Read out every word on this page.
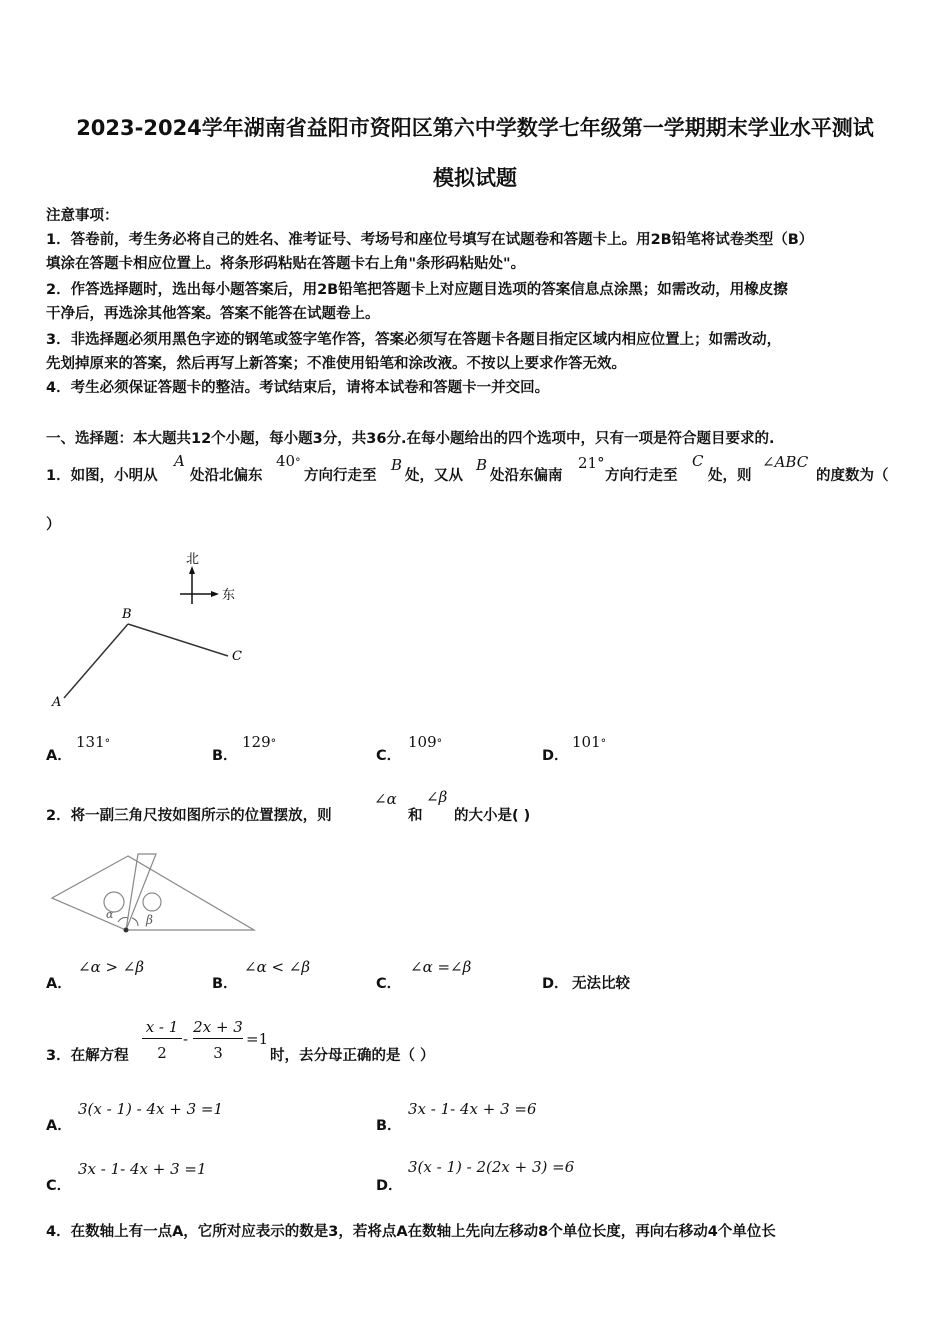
2023-2024学年湖南省益阳市资阳区第六中学数学七年级第一学期期末学业水平测试
模拟试题
注意事项：
1．答卷前，考生务必将自己的姓名、准考证号、考场号和座位号填写在试题卷和答题卡上。用2B铅笔将试卷类型（B）
填涂在答题卡相应位置上。将条形码粘贴在答题卡右上角"条形码粘贴处"。
2．作答选择题时，选出每小题答案后，用2B铅笔把答题卡上对应题目选项的答案信息点涂黑；如需改动，用橡皮擦
干净后，再选涂其他答案。答案不能答在试题卷上。
3．非选择题必须用黑色字迹的钢笔或签字笔作答，答案必须写在答题卡各题目指定区域内相应位置上；如需改动，
先划掉原来的答案，然后再写上新答案；不准使用铅笔和涂改液。不按以上要求作答无效。
4．考生必须保证答题卡的整洁。考试结束后，请将本试卷和答题卡一并交回。
一、选择题：本大题共12个小题，每小题3分，共36分.在每小题给出的四个选项中，只有一项是符合题目要求的.
1．如图，小明从
A
处沿北偏东
40°
方向行走至
B
处，又从
B
处沿东偏南
21°
方向行走至
C
处，则
∠ABC
的度数为（
）
北
东
A
B
C
A．
131°
B．
129°
C．
109°
D．
101°
2．将一副三角尺按如图所示的位置摆放，则
∠α
和
∠β
的大小是( )
α	β
A．
∠α > ∠β
B．
∠α < ∠β
C．
∠α =∠β
D． 无法比较
3．在解方程
x - 1
2
-
2x + 3
3
=1
时，去分母正确的是（ ）
A．
3(x - 1) - 4x + 3 =1
B．
3x - 1- 4x + 3 =6
C．
3x - 1- 4x + 3 =1
D．
3(x - 1) - 2(2x + 3) =6
4．在数轴上有一点A，它所对应表示的数是3，若将点A在数轴上先向左移动8个单位长度，再向右移动4个单位长
